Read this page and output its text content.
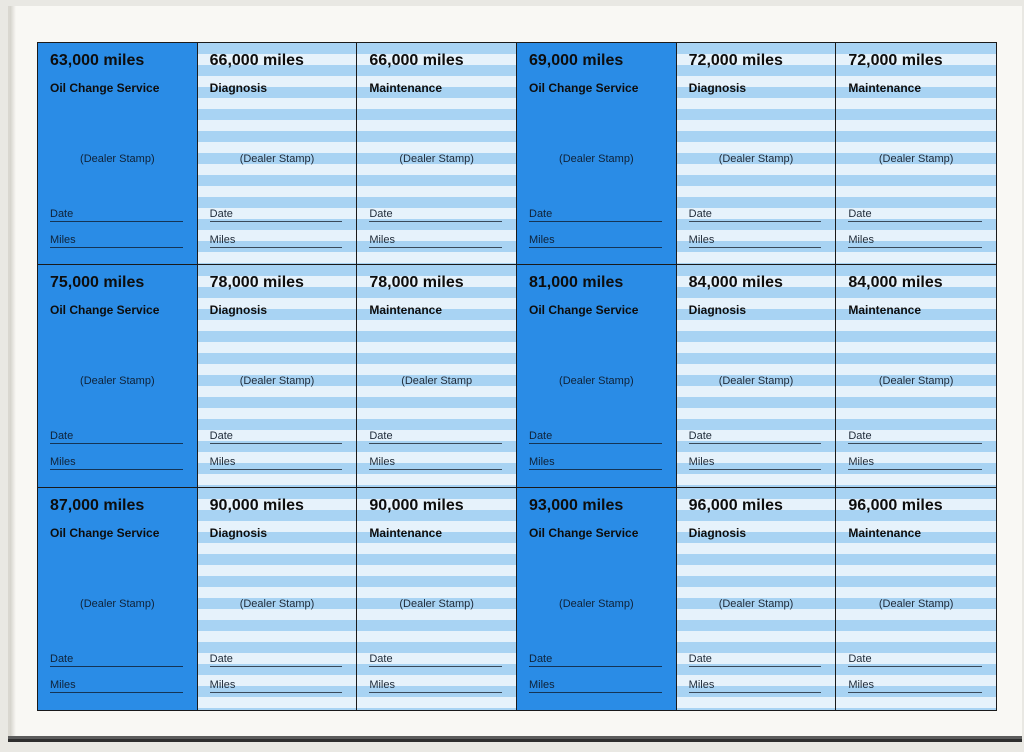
63,000 miles
Oil Change Service
(Dealer Stamp)
Date
Miles
66,000 miles
Diagnosis
(Dealer Stamp)
Date
Miles
66,000 miles
Maintenance
(Dealer Stamp)
Date
Miles
69,000 miles
Oil Change Service
(Dealer Stamp)
Date
Miles
72,000 miles
Diagnosis
(Dealer Stamp)
Date
Miles
72,000 miles
Maintenance
(Dealer Stamp)
Date
Miles
75,000 miles
Oil Change Service
(Dealer Stamp)
Date
Miles
78,000 miles
Diagnosis
(Dealer Stamp)
Date
Miles
78,000 miles
Maintenance
(Dealer Stamp
Date
Miles
81,000 miles
Oil Change Service
(Dealer Stamp)
Date
Miles
84,000 miles
Diagnosis
(Dealer Stamp)
Date
Miles
84,000 miles
Maintenance
(Dealer Stamp)
Date
Miles
87,000 miles
Oil Change Service
(Dealer Stamp)
Date
Miles
90,000 miles
Diagnosis
(Dealer Stamp)
Date
Miles
90,000 miles
Maintenance
(Dealer Stamp)
Date
Miles
93,000 miles
Oil Change Service
(Dealer Stamp)
Date
Miles
96,000 miles
Diagnosis
(Dealer Stamp)
Date
Miles
96,000 miles
Maintenance
(Dealer Stamp)
Date
Miles
